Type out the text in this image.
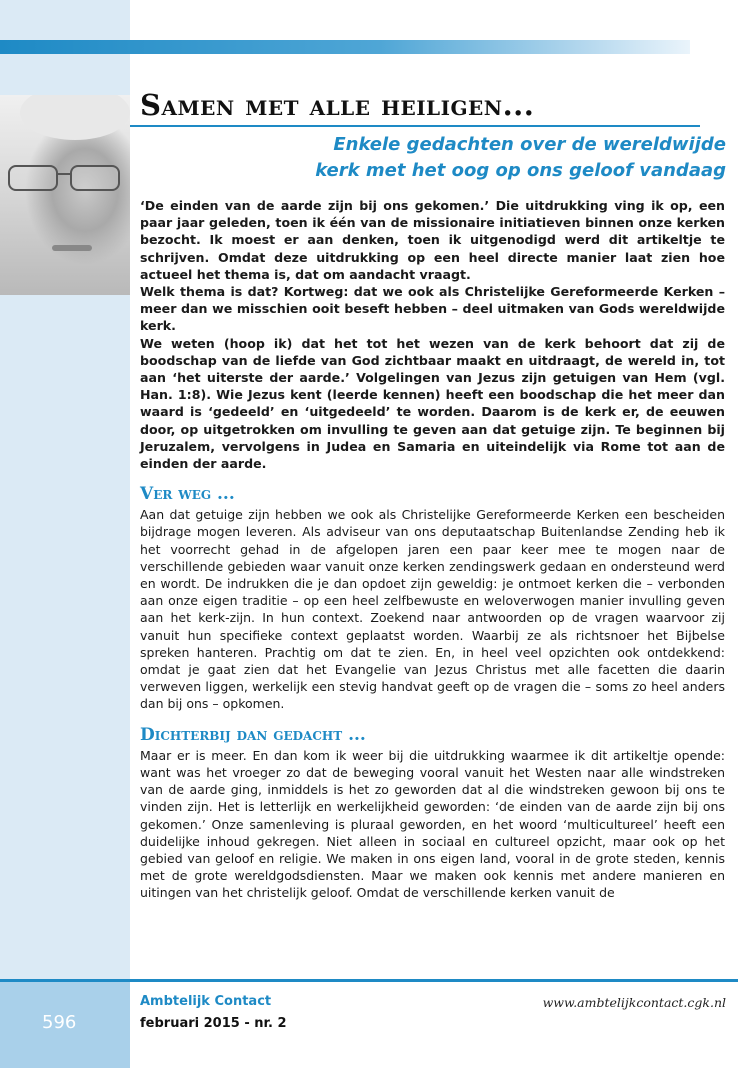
Samen met alle heiligen...
Enkele gedachten over de wereldwijde
kerk met het oog op ons geloof vandaag

‘De einden van de aarde zijn bij ons gekomen.’ Die uitdrukking ving ik op, een paar jaar geleden, toen ik één van de missionaire initiatieven binnen onze kerken bezocht. Ik moest er aan denken, toen ik uitgenodigd werd dit artikeltje te schrijven. Omdat deze uitdrukking op een heel directe manier laat zien hoe actueel het thema is, dat om aandacht vraagt.

Welk thema is dat? Kortweg: dat we ook als Christelijke Gereformeerde Kerken – meer dan we misschien ooit beseft hebben – deel uitmaken van Gods wereldwijde kerk.

We weten (hoop ik) dat het tot het wezen van de kerk behoort dat zij de boodschap van de liefde van God zichtbaar maakt en uitdraagt, de wereld in, tot aan ‘het uiterste der aarde.’ Volgelingen van Jezus zijn getuigen van Hem (vgl. Han. 1:8). Wie Jezus kent (leerde kennen) heeft een boodschap die het meer dan waard is ‘gedeeld’ en ‘uitgedeeld’ te worden. Daarom is de kerk er, de eeuwen door, op uitgetrokken om invulling te geven aan dat getuige zijn. Te beginnen bij Jeruzalem, vervolgens in Judea en Samaria en uiteindelijk via Rome tot aan de einden der aarde.

Ver weg ...

Aan dat getuige zijn hebben we ook als Christelijke Gereformeerde Kerken een bescheiden bijdrage mogen leveren. Als adviseur van ons deputaatschap Buitenlandse Zending heb ik het voorrecht gehad in de afgelopen jaren een paar keer mee te mogen naar de verschillende gebieden waar vanuit onze kerken zendingswerk gedaan en ondersteund werd en wordt. De indrukken die je dan opdoet zijn geweldig: je ontmoet kerken die – verbonden aan onze eigen traditie – op een heel zelfbewuste en weloverwogen manier invulling geven aan het kerk-zijn. In hun context. Zoekend naar antwoorden op de vragen waarvoor zij vanuit hun specifieke context geplaatst worden. Waarbij ze als richtsnoer het Bijbelse spreken hanteren. Prachtig om dat te zien. En, in heel veel opzichten ook ontdekkend: omdat je gaat zien dat het Evangelie van Jezus Christus met alle facetten die daarin verweven liggen, werkelijk een stevig handvat geeft op de vragen die – soms zo heel anders dan bij ons – opkomen.

Dichterbij dan gedacht ...

Maar er is meer. En dan kom ik weer bij die uitdrukking waarmee ik dit artikeltje opende: want was het vroeger zo dat de beweging vooral vanuit het Westen naar alle windstreken van de aarde ging, inmiddels is het zo geworden dat al die windstreken gewoon bij ons te vinden zijn. Het is letterlijk en werkelijkheid geworden: ‘de einden van de aarde zijn bij ons gekomen.’ Onze samenleving is pluraal geworden, en het woord ‘multicultureel’ heeft een duidelijke inhoud gekregen. Niet alleen in sociaal en cultureel opzicht, maar ook op het gebied van geloof en religie. We maken in ons eigen land, vooral in de grote steden, kennis met de grote wereldgodsdiensten. Maar we maken ook kennis met andere manieren en uitingen van het christelijk geloof. Omdat de verschillende kerken vanuit de

596
Ambtelijk Contact
februari 2015 - nr. 2
www.ambtelijkcontact.cgk.nl
